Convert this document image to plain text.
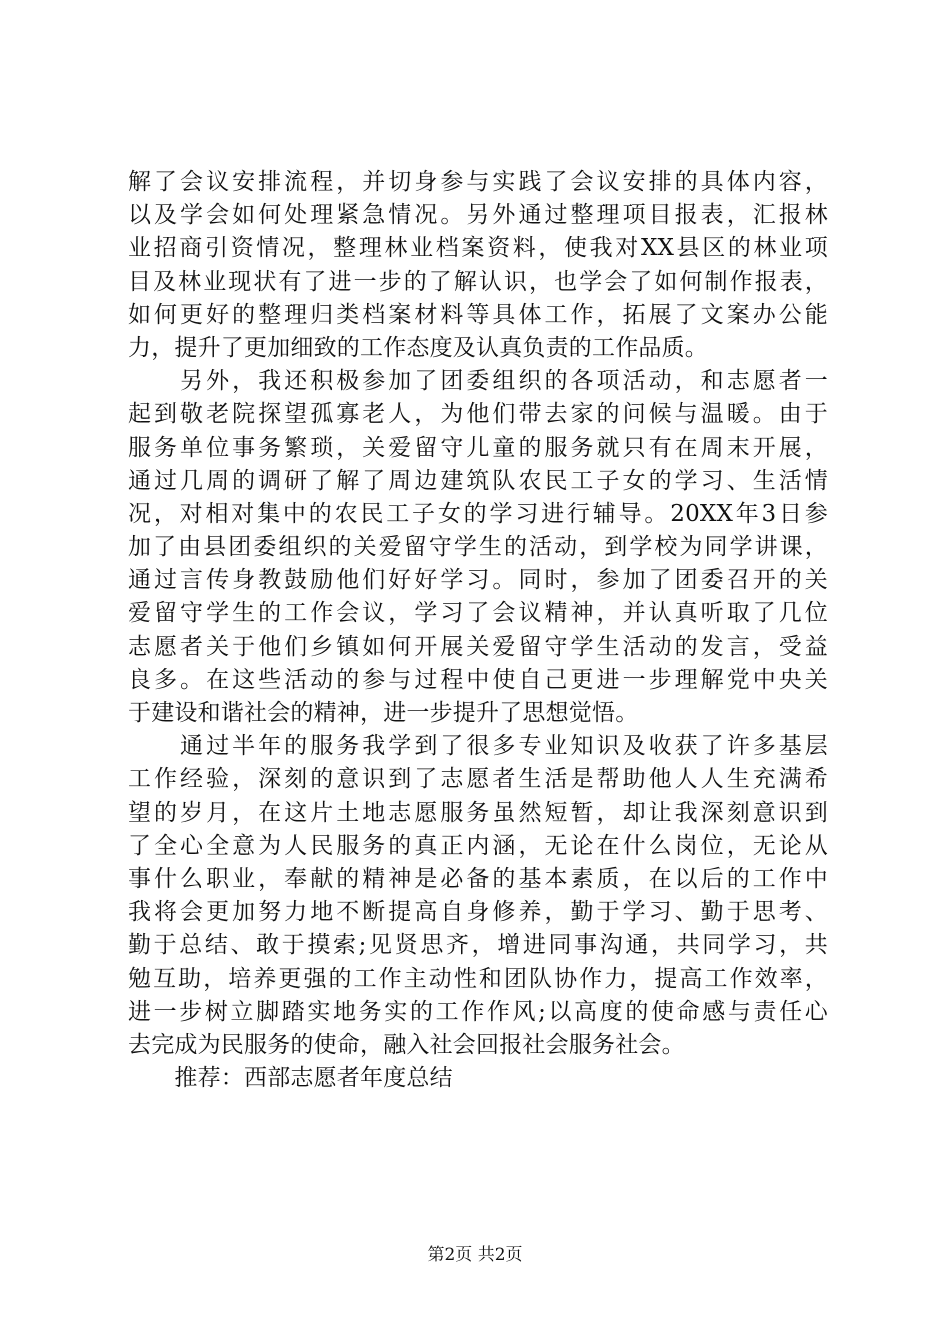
解了会议安排流程，并切身参与实践了会议安排的具体内容，
以及学会如何处理紧急情况。另外通过整理项目报表，汇报林
业招商引资情况，整理林业档案资料，使我对XX县区的林业项
目及林业现状有了进一步的了解认识，也学会了如何制作报表，
如何更好的整理归类档案材料等具体工作，拓展了文案办公能
力，提升了更加细致的工作态度及认真负责的工作品质。
　　另外，我还积极参加了团委组织的各项活动，和志愿者一
起到敬老院探望孤寡老人，为他们带去家的问候与温暖。由于
服务单位事务繁琐，关爱留守儿童的服务就只有在周末开展，
通过几周的调研了解了周边建筑队农民工子女的学习、生活情
况，对相对集中的农民工子女的学习进行辅导。20XX年3日参
加了由县团委组织的关爱留守学生的活动，到学校为同学讲课，
通过言传身教鼓励他们好好学习。同时，参加了团委召开的关
爱留守学生的工作会议，学习了会议精神，并认真听取了几位
志愿者关于他们乡镇如何开展关爱留守学生活动的发言，受益
良多。在这些活动的参与过程中使自己更进一步理解党中央关
于建设和谐社会的精神，进一步提升了思想觉悟。
　　通过半年的服务我学到了很多专业知识及收获了许多基层
工作经验，深刻的意识到了志愿者生活是帮助他人人生充满希
望的岁月，在这片土地志愿服务虽然短暂，却让我深刻意识到
了全心全意为人民服务的真正内涵，无论在什么岗位，无论从
事什么职业，奉献的精神是必备的基本素质，在以后的工作中
我将会更加努力地不断提高自身修养，勤于学习、勤于思考、
勤于总结、敢于摸索;见贤思齐，增进同事沟通，共同学习，共
勉互助，培养更强的工作主动性和团队协作力，提高工作效率，
进一步树立脚踏实地务实的工作作风;以高度的使命感与责任心
去完成为民服务的使命，融入社会回报社会服务社会。
　　推荐：西部志愿者年度总结
第2页 共2页
